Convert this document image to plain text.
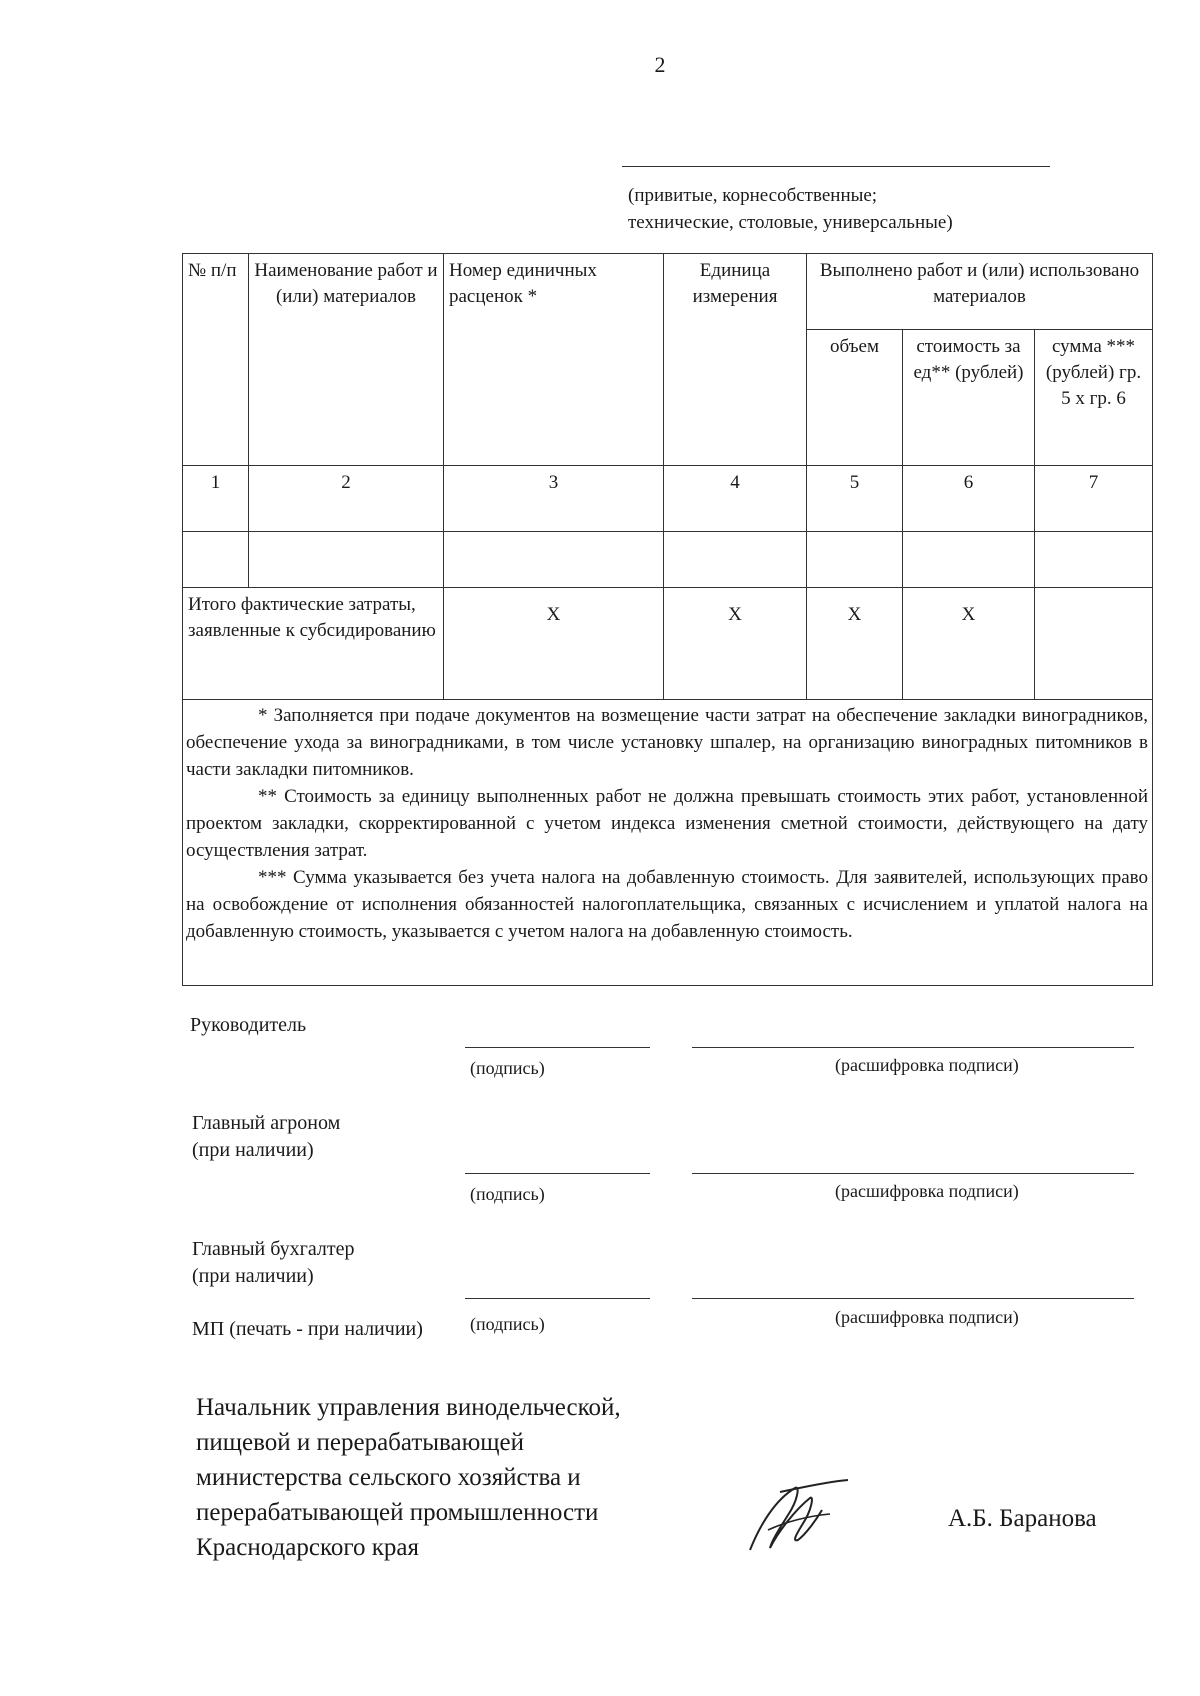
2
(привитые, корнесобственные;
технические, столовые, универсальные)
№ п/п	Наименование работ и (или) материалов	Номер единичных расценок *	Единица измерения	Выполнено работ и (или) использовано материалов		
				объем	стоимость за ед** (рублей)	сумма *** (рублей) гр. 5 х гр. 6
1	2	3	4	5	6	7

Итого фактические затраты, заявленные к субсидированию		Х	Х	Х	Х	

* Заполняется при подаче документов на возмещение части затрат на обеспечение закладки виноградников, обеспечение ухода за виноградниками, в том числе установку шпалер, на организацию виноградных питомников в части закладки питомников.

** Стоимость за единицу выполненных работ не должна превышать стоимость этих работ, установленной проектом закладки, скорректированной с учетом индекса изменения сметной стоимости, действующего на дату осуществления затрат.

*** Сумма указывается без учета налога на добавленную стоимость. Для заявителей, использующих право на освобождение от исполнения обязанностей налогоплательщика, связанных с исчислением и уплатой налога на добавленную стоимость, указывается с учетом налога на добавленную стоимость.

Руководитель
(подпись)	(расшифровка подписи)
Главный агроном
(при наличии)
(подпись)	(расшифровка подписи)
Главный бухгалтер
(при наличии)
МП (печать - при наличии)	(подпись)	(расшифровка подписи)
Начальник управления винодельческой,
пищевой и перерабатывающей
министерства сельского хозяйства и
перерабатывающей промышленности
Краснодарского края
А.Б. Баранова
